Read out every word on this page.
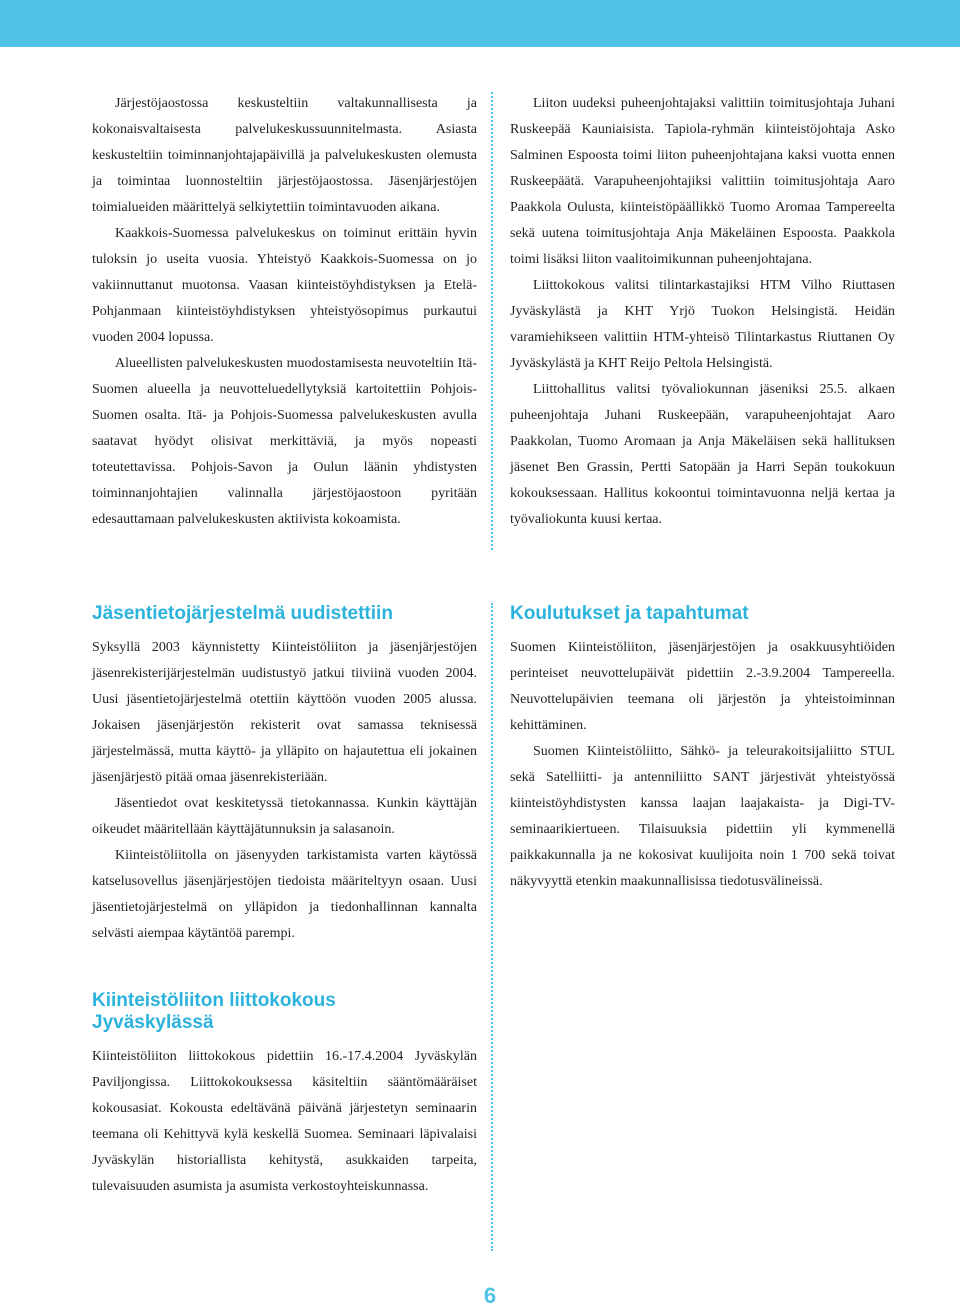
Järjestöjaostossa keskusteltiin valtakunnallisesta ja kokonaisvaltaisesta palvelukeskussuunnitelmasta. Asiasta keskusteltiin toiminnanjohtajapäivillä ja palvelukeskusten olemusta ja toimintaa luonnosteltiin järjestöjaostossa. Jäsenjärjestöjen toimialueiden määrittelyä selkiytettiin toimintavuoden aikana.

Kaakkois-Suomessa palvelukeskus on toiminut erittäin hyvin tuloksin jo useita vuosia. Yhteistyö Kaakkois-Suomessa on jo vakiinnuttanut muotonsa. Vaasan kiinteistöyhdistyksen ja Etelä-Pohjanmaan kiinteistöyhdistyksen yhteistyösopimus purkautui vuoden 2004 lopussa.

Alueellisten palvelukeskusten muodostamisesta neuvoteltiin Itä-Suomen alueella ja neuvotteluedellytyksiä kartoitettiin Pohjois-Suomen osalta. Itä- ja Pohjois-Suomessa palvelukeskusten avulla saatavat hyödyt olisivat merkittäviä, ja myös nopeasti toteutettavissa. Pohjois-Savon ja Oulun läänin yhdistysten toiminnanjohtajien valinnalla järjestöjaostoon pyritään edesauttamaan palvelukeskusten aktiivista kokoamista.

Liiton uudeksi puheenjohtajaksi valittiin toimitusjohtaja Juhani Ruskeepää Kauniaisista. Tapiola-ryhmän kiinteistöjohtaja Asko Salminen Espoosta toimi liiton puheenjohtajana kaksi vuotta ennen Ruskeepäätä. Varapuheenjohtajiksi valittiin toimitusjohtaja Aaro Paakkola Oulusta, kiinteistöpäällikkö Tuomo Aromaa Tampereelta sekä uutena toimitusjohtaja Anja Mäkeläinen Espoosta. Paakkola toimi lisäksi liiton vaalitoimikunnan puheenjohtajana.

Liittokokous valitsi tilintarkastajiksi HTM Vilho Riuttasen Jyväskylästä ja KHT Yrjö Tuokon Helsingistä. Heidän varamiehikseen valittiin HTM-yhteisö Tilintarkastus Riuttanen Oy Jyväskylästä ja KHT Reijo Peltola Helsingistä.

Liittohallitus valitsi työvaliokunnan jäseniksi 25.5. alkaen puheenjohtaja Juhani Ruskeepään, varapuheenjohtajat Aaro Paakkolan, Tuomo Aromaan ja Anja Mäkeläisen sekä hallituksen jäsenet Ben Grassin, Pertti Satopään ja Harri Sepän toukokuun kokouksessaan. Hallitus kokoontui toimintavuonna neljä kertaa ja työvaliokunta kuusi kertaa.

Jäsentietojärjestelmä uudistettiin

Syksyllä 2003 käynnistetty Kiinteistöliiton ja jäsenjärjestöjen jäsenrekisterijärjestelmän uudistustyö jatkui tiiviinä vuoden 2004. Uusi jäsentietojärjestelmä otettiin käyttöön vuoden 2005 alussa. Jokaisen jäsenjärjestön rekisterit ovat samassa teknisessä järjestelmässä, mutta käyttö- ja ylläpito on hajautettua eli jokainen jäsenjärjestö pitää omaa jäsenrekisteriään.

Jäsentiedot ovat keskitetyssä tietokannassa. Kunkin käyttäjän oikeudet määritellään käyttäjätunnuksin ja salasanoin.

Kiinteistöliitolla on jäsenyyden tarkistamista varten käytössä katselusovellus jäsenjärjestöjen tiedoista määriteltyyn osaan. Uusi jäsentietojärjestelmä on ylläpidon ja tiedonhallinnan kannalta selvästi aiempaa käytäntöä parempi.

Koulutukset ja tapahtumat

Suomen Kiinteistöliiton, jäsenjärjestöjen ja osakkuusyhtiöiden perinteiset neuvottelupäivät pidettiin 2.-3.9.2004 Tampereella. Neuvottelupäivien teemana oli järjestön ja yhteistoiminnan kehittäminen.

Suomen Kiinteistöliitto, Sähkö- ja teleurakoitsijaliitto STUL sekä Satelliitti- ja antenniliitto SANT järjestivät yhteistyössä kiinteistöyhdistysten kanssa laajan laajakaista- ja Digi-TV-seminaarikiertueen. Tilaisuuksia pidettiin yli kymmenellä paikkakunnalla ja ne kokosivat kuulijoita noin 1 700 sekä toivat näkyvyyttä etenkin maakunnallisissa tiedotusvälineissä.

Kiinteistöliiton liittokokous
Jyväskylässä

Kiinteistöliiton liittokokous pidettiin 16.-17.4.2004 Jyväskylän Paviljongissa. Liittokokouksessa käsiteltiin sääntömääräiset kokousasiat. Kokousta edeltävänä päivänä järjestetyn seminaarin teemana oli Kehittyvä kylä keskellä Suomea. Seminaari läpivalaisi Jyväskylän historiallista kehitystä, asukkaiden tarpeita, tulevaisuuden asumista ja asumista verkostoyhteiskunnassa.

6
